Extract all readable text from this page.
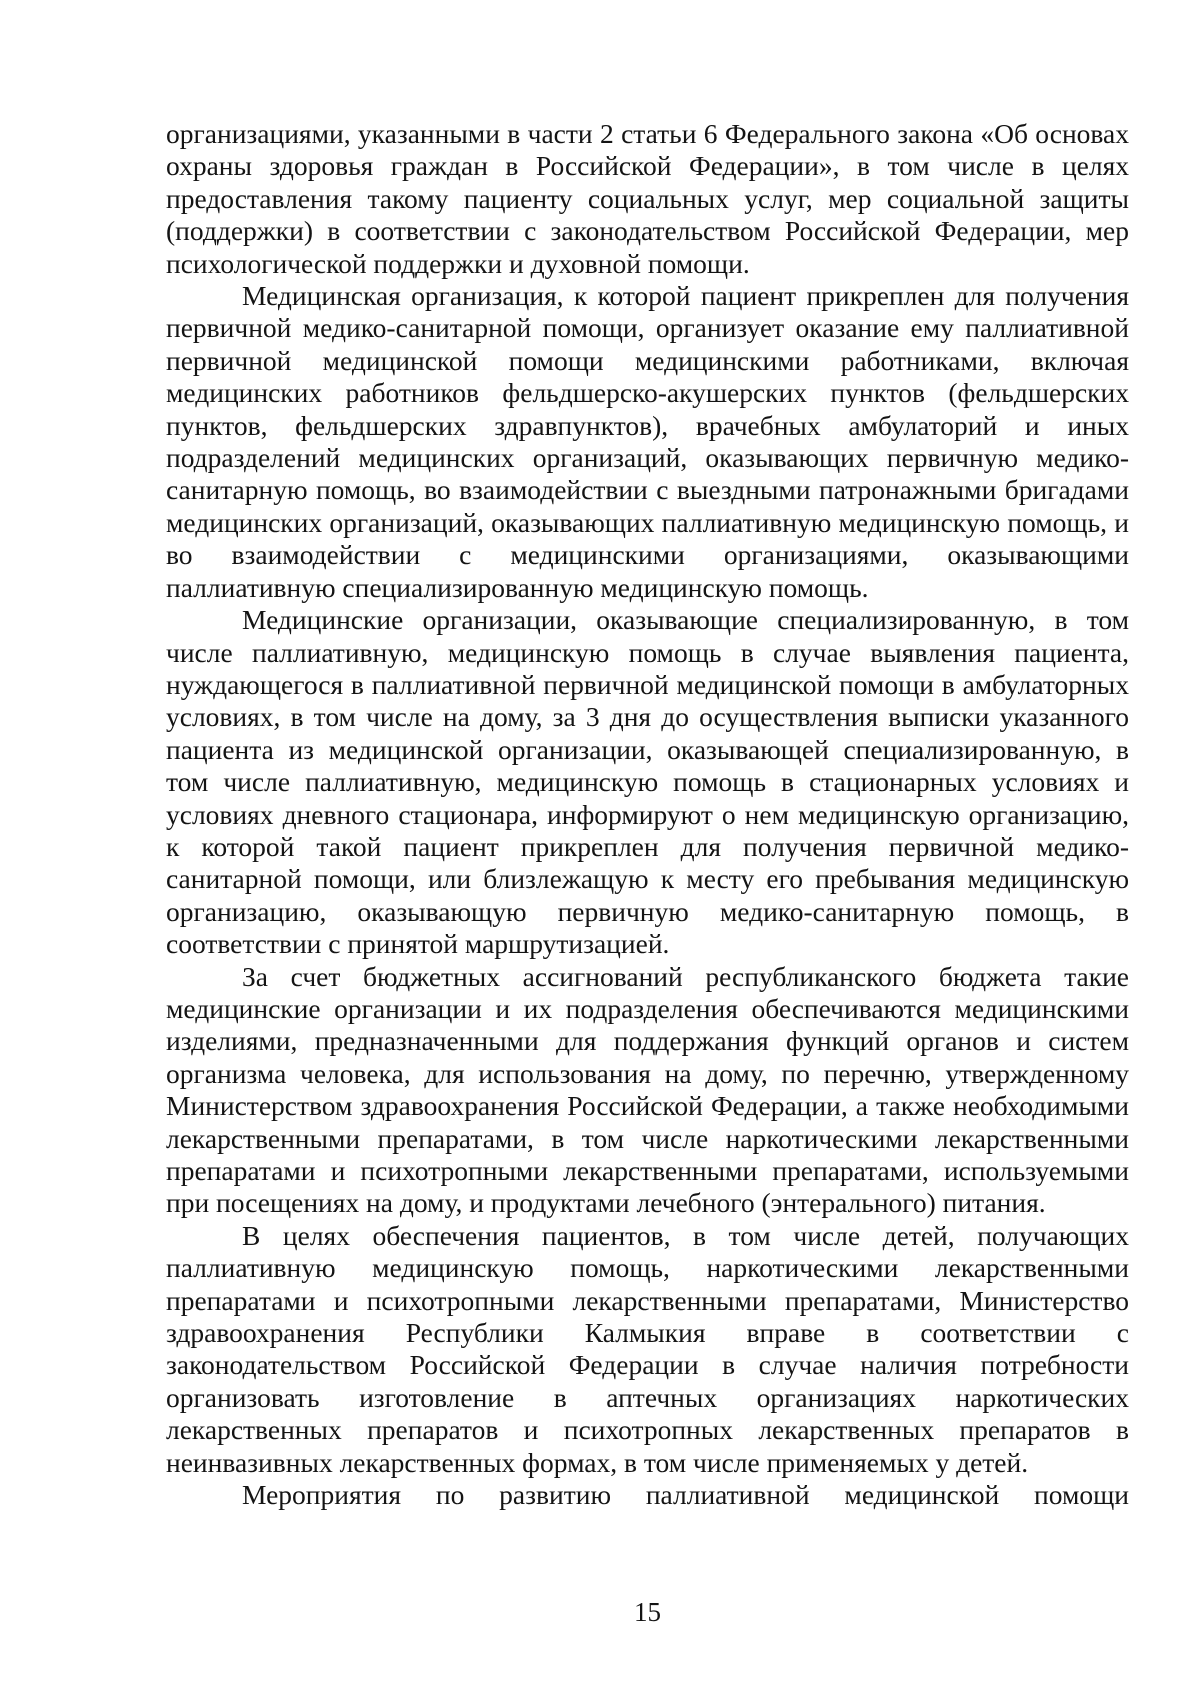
организациями, указанными в части 2 статьи 6 Федерального закона «Об основах охраны здоровья граждан в Российской Федерации», в том числе в целях предоставления такому пациенту социальных услуг, мер социальной защиты (поддержки) в соответствии с законодательством Российской Федерации, мер психологической поддержки и духовной помощи.

Медицинская организация, к которой пациент прикреплен для получения первичной медико-санитарной помощи, организует оказание ему паллиативной первичной медицинской помощи медицинскими работниками, включая медицинских работников фельдшерско-акушерских пунктов (фельдшерских пунктов, фельдшерских здравпунктов), врачебных амбулаторий и иных подразделений медицинских организаций, оказывающих первичную медико-санитарную помощь, во взаимодействии с выездными патронажными бригадами медицинских организаций, оказывающих паллиативную медицинскую помощь, и во взаимодействии с медицинскими организациями, оказывающими паллиативную специализированную медицинскую помощь.

Медицинские организации, оказывающие специализированную, в том числе паллиативную, медицинскую помощь в случае выявления пациента, нуждающегося в паллиативной первичной медицинской помощи в амбулаторных условиях, в том числе на дому, за 3 дня до осуществления выписки указанного пациента из медицинской организации, оказывающей специализированную, в том числе паллиативную, медицинскую помощь в стационарных условиях и условиях дневного стационара, информируют о нем медицинскую организацию, к которой такой пациент прикреплен для получения первичной медико-санитарной помощи, или близлежащую к месту его пребывания медицинскую организацию, оказывающую первичную медико-санитарную помощь, в соответствии с принятой маршрутизацией.

За счет бюджетных ассигнований республиканского бюджета такие медицинские организации и их подразделения обеспечиваются медицинскими изделиями, предназначенными для поддержания функций органов и систем организма человека, для использования на дому, по перечню, утвержденному Министерством здравоохранения Российской Федерации, а также необходимыми лекарственными препаратами, в том числе наркотическими лекарственными препаратами и психотропными лекарственными препаратами, используемыми при посещениях на дому, и продуктами лечебного (энтерального) питания.

В целях обеспечения пациентов, в том числе детей, получающих паллиативную медицинскую помощь, наркотическими лекарственными препаратами и психотропными лекарственными препаратами, Министерство здравоохранения Республики Калмыкия вправе в соответствии с законодательством Российской Федерации в случае наличия потребности организовать изготовление в аптечных организациях наркотических лекарственных препаратов и психотропных лекарственных препаратов в неинвазивных лекарственных формах, в том числе применяемых у детей.

Мероприятия по развитию паллиативной медицинской помощи

15
